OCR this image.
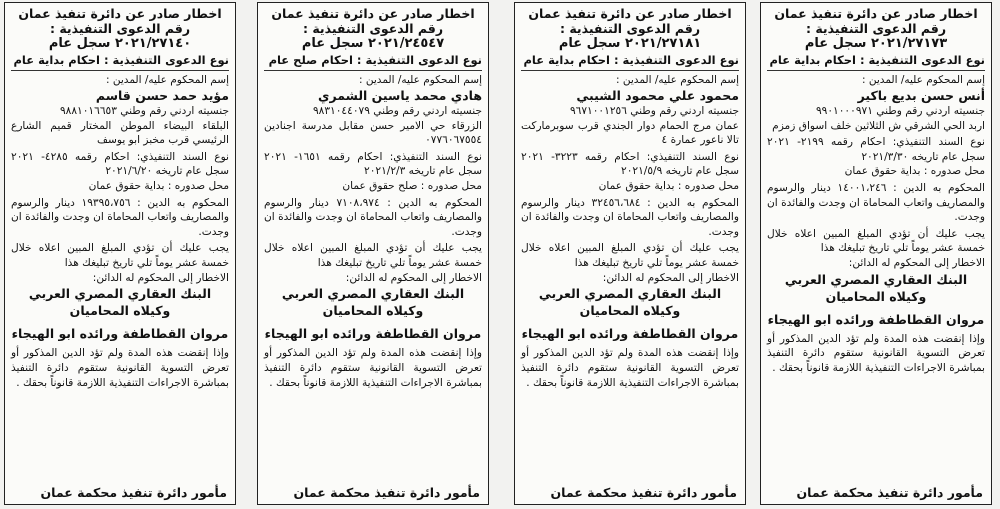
اخطار صادر عن دائرة تنفيذ عمان
رقم الدعوى التنفيذية :
٢٠٢١/٢٧١٧٣ سجل عام
نوع الدعوى التنفيذية : احكام بداية عام
إسم المحكوم عليه/ المدين :
أنس حسن بديع باكير
جنسيته اردني رقم وطني ٩٩٠١٠٠٠٩٧١
اربد الحي الشرقي ش الثلاثين خلف اسواق زمزم
نوع السند التنفيذي: احكام رقمه ٢١٩٩- ٢٠٢١ سجل عام تاريخه ٢٠٢١/٣/٣٠
محل صدوره : بداية حقوق عمان
المحكوم به الدين : ١٤٠٠١،٢٤٦ دينار والرسوم والمصاريف واتعاب المحاماة ان وجدت والفائدة ان وجدت.
يجب عليك أن تؤدي المبلغ المبين اعلاه خلال خمسة عشر يوماً تلي تاريخ تبليغك هذا
الاخطار إلى المحكوم له الدائن:
البنك العقاري المصري العربي
وكيلاه المحاميان
مروان القطاطفة ورائده ابو الهيجاء
وإذا إنقضت هذه المدة ولم تؤد الدين المذكور أو تعرض التسوية القانونية ستقوم دائرة التنفيذ بمباشرة الاجراءات التنفيذية اللازمة قانوناً بحقك .
مأمور دائرة تنفيذ محكمة عمان
اخطار صادر عن دائرة تنفيذ عمان
رقم الدعوى التنفيذية :
٢٠٢١/٢٧١٨١ سجل عام
نوع الدعوى التنفيذية : احكام بداية عام
إسم المحكوم عليه/ المدين :
محمود علي محمود الشيبي
جنسيته اردني رقم وطني ٩٦٧١٠٠١٢٥٦
عمان مرج الحمام دوار الجندي قرب سوبرماركت تالا ناعور عمارة ٤
نوع السند التنفيذي: احكام رقمه ٣٢٢٣- ٢٠٢١ سجل عام تاريخه ٢٠٢١/٥/٩
محل صدوره : بداية حقوق عمان
المحكوم به الدين : ٣٢٤٥٦،٦٨٤ دينار والرسوم والمصاريف واتعاب المحاماة ان وجدت والفائدة ان وجدت.
يجب عليك أن تؤدي المبلغ المبين اعلاه خلال خمسة عشر يوماً تلي تاريخ تبليغك هذا
الاخطار إلى المحكوم له الدائن:
البنك العقاري المصري العربي
وكيلاه المحاميان
مروان القطاطفة ورائده ابو الهيجاء
وإذا إنقضت هذه المدة ولم تؤد الدين المذكور أو تعرض التسوية القانونية ستقوم دائرة التنفيذ بمباشرة الاجراءات التنفيذية اللازمة قانوناً بحقك .
مأمور دائرة تنفيذ محكمة عمان
اخطار صادر عن دائرة تنفيذ عمان
رقم الدعوى التنفيذية :
٢٠٢١/٢٤٥٤٧ سجل عام
نوع الدعوى التنفيذية : احكام صلح عام
إسم المحكوم عليه/ المدين :
هادي محمد ياسين الشمري
جنسيته اردني رقم وطني ٩٨٣١٠٤٤٠٧٩
الزرقاء حي الامير حسن مقابل مدرسة اجنادين ٠٧٧٦٠٦٧٥٥٤
نوع السند التنفيذي: احكام رقمه ١٦٥١- ٢٠٢١ سجل عام تاريخه ٢٠٢١/٢/٣
محل صدوره : صلح حقوق عمان
المحكوم به الدين : ٧١٠٨،٩٧٤ دينار والرسوم والمصاريف واتعاب المحاماة ان وجدت والفائدة ان وجدت.
يجب عليك أن تؤدي المبلغ المبين اعلاه خلال خمسة عشر يوماً تلي تاريخ تبليغك هذا
الاخطار إلى المحكوم له الدائن:
البنك العقاري المصري العربي
وكيلاه المحاميان
مروان القطاطفة ورائده ابو الهيجاء
وإذا إنقضت هذه المدة ولم تؤد الدين المذكور أو تعرض التسوية القانونية ستقوم دائرة التنفيذ بمباشرة الاجراءات التنفيذية اللازمة قانوناً بحقك .
مأمور دائرة تنفيذ محكمة عمان
اخطار صادر عن دائرة تنفيذ عمان
رقم الدعوى التنفيذية :
٢٠٢١/٢٧١٤٠ سجل عام
نوع الدعوى التنفيذية : احكام بداية عام
إسم المحكوم عليه/ المدين :
مؤيد حمد حسن قاسم
جنسيته اردني رقم وطني ٩٨٨١٠١٦٦٥٣
البلقاء البيضاء الموطن المختار قميم الشارع الرئيسي قرب مخبز ابو يوسف
نوع السند التنفيذي: احكام رقمه ٤٢٨٥- ٢٠٢١ سجل عام تاريخه ٢٠٢١/٦/٢٠
محل صدوره : بداية حقوق عمان
المحكوم به الدين : ١٩٣٩٥،٧٥٦ دينار والرسوم والمصاريف واتعاب المحاماة ان وجدت والفائدة ان وجدت.
يجب عليك أن تؤدي المبلغ المبين اعلاه خلال خمسة عشر يوماً تلي تاريخ تبليغك هذا
الاخطار إلى المحكوم له الدائن:
البنك العقاري المصري العربي
وكيلاه المحاميان
مروان القطاطفة ورائده ابو الهيجاء
وإذا إنقضت هذه المدة ولم تؤد الدين المذكور أو تعرض التسوية القانونية ستقوم دائرة التنفيذ بمباشرة الاجراءات التنفيذية اللازمة قانوناً بحقك .
مأمور دائرة تنفيذ محكمة عمان
